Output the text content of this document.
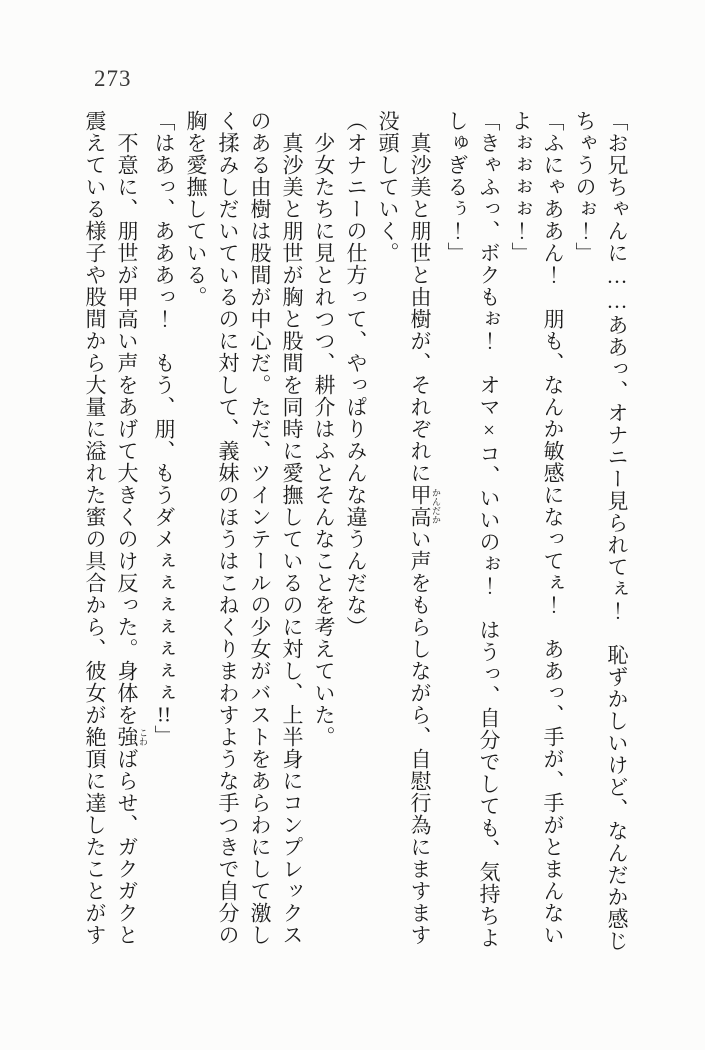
273

「お兄ちゃんに……ああっ、オナニー見られてぇ！　恥ずかしいけど、なんだか感じ
ちゃうのぉ！」

「ふにゃああん！　朋も、なんか敏感になってぇ！　ああっ、手が、手がとまんない
よぉぉぉぉ！」

「きゃふっ、ボクもぉ！　オマ×コ、いいのぉ！　はうっ、自分でしても、気持ちよ
しゅぎるぅ！」

真沙美と朋世と由樹が、それぞれに甲高 かんだかい声をもらしながら、自慰行為にますます
没頭していく。

（オナニーの仕方って、やっぱりみんな違うんだな）

少女たちに見とれつつ、耕介はふとそんなことを考えていた。

真沙美と朋世が胸と股間を同時に愛撫しているのに対し、上半身にコンプレックス
のある由樹は股間が中心だ。ただ、ツインテールの少女がバストをあらわにして激し
く揉みしだいているのに対して、義妹のほうはこねくりまわすような手つきで自分の
胸を愛撫している。

「はあっ、あああっ！　もう、朋、もうダメぇぇぇぇぇぇぇ!!」

不意に、朋世が甲高い声をあげて大きくのけ反った。身体を強 こわばらせ、ガクガクと
震えている様子や股間から大量に溢れた蜜の具合から、彼女が絶頂に達したことがす
